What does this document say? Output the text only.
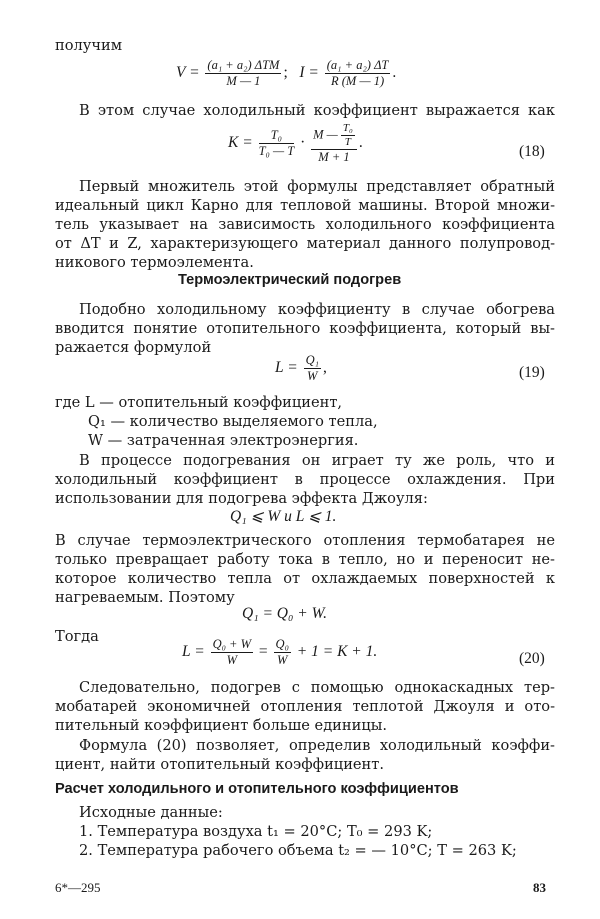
получим
$V = \frac{\text{(a₁ + a₂) ΔTM}}{M — 1}$ ; $I = \frac{\text{(a₁ + a₂) ΔT}}{R (M — 1)}$ .
В этом случае холодильный коэффициент выражается как
$K = \frac{\text{T₀}}{\text{T₀ — T}} \cdot \frac{M — \frac{\text{T₀}}{T}}{M + 1}$ .
(18)
Первый множитель этой формулы представляет обратный
идеальный цикл Карно для тепловой машины. Второй множи-
тель указывает на зависимость холодильного коэффициента
от ΔT и Z, характеризующего материал данного полупровод-
никового термоэлемента.
Термоэлектрический подогрев
Подобно холодильному коэффициенту в случае обогрева
вводится понятие отопительного коэффициента, который вы-
ражается формулой
$L = \frac{\text{Q₁}}{W}$ ,	(19)
где L — отопительный коэффициент,
Q₁ — количество выделяемого тепла,
W — затраченная электроэнергия.
В процессе подогревания он играет ту же роль, что и
холодильный коэффициент в процессе охлаждения. При
использовании для подогрева эффекта Джоуля:
Q₁ ⩽ W и L ⩽ 1.
В случае термоэлектрического отопления термобатарея не
только превращает работу тока в тепло, но и переносит не-
которое количество тепла от охлаждаемых поверхностей к
нагреваемым. Поэтому
Q₁ = Q₀ + W.
Тогда
$L = \frac{\text{Q₀ + W}}{W} = \frac{\text{Q₀}}{W} + 1 = K + 1$.	(20)
Следовательно, подогрев с помощью однокаскадных тер-
мобатарей экономичней отопления теплотой Джоуля и ото-
пительный коэффициент больше единицы.
Формула (20) позволяет, определив холодильный коэффи-
циент, найти отопительный коэффициент.
Расчет холодильного и отопительного коэффициентов
Исходные данные:
1. Температура воздуха t₁ = 20°С; T₀ = 293 K;
2. Температура рабочего объема t₂ = — 10°С; T = 263 K;
6*—295	83
